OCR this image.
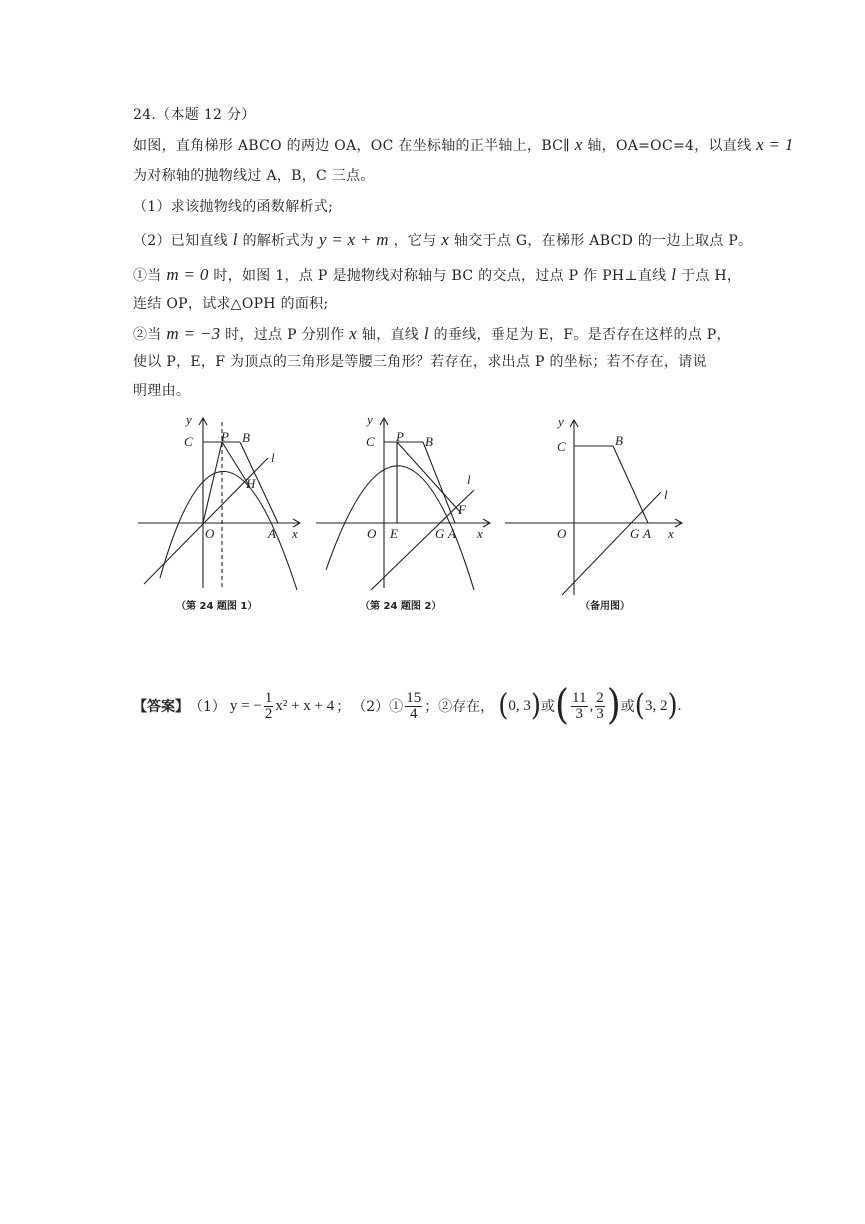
24.（本题 12 分）
如图，直角梯形 ABCO 的两边 OA，OC 在坐标轴的正半轴上，BC∥ x 轴，OA=OC=4，以直线 x = 1
为对称轴的抛物线过 A，B，C 三点。
（1）求该抛物线的函数解析式;
（2）已知直线 l 的解析式为 y = x + m ，它与 x 轴交于点 G，在梯形 ABCD 的一边上取点 P。
①当 m = 0 时，如图 1，点 P 是抛物线对称轴与 BC 的交点，过点 P 作 PH⊥直线 l 于点 H，
连结 OP，试求△OPH 的面积;
②当 m = −3 时，过点 P 分别作 x 轴，直线 l 的垂线，垂足为 E，F。是否存在这样的点 P，
使以 P，E，F 为顶点的三角形是等腰三角形？若存在，求出点 P 的坐标；若不存在，请说
明理由。
y
C P B
l
H
O	A x
（第 24 题图 1）
y
C P B
l
F
O E	G A x
（第 24 题图 2）
y
C	B
l
O	G A x
（备用图）
【答案】 （1） y = − $\frac{1}{2} x^2 + x + 4$ ； （2）① $\frac{15}{4}$ ；②存在， ( 0, 3 ) 或 ( $\frac{11}{3}$ , $\frac{2}{3}$ ) 或 ( 3, 2 ) .
